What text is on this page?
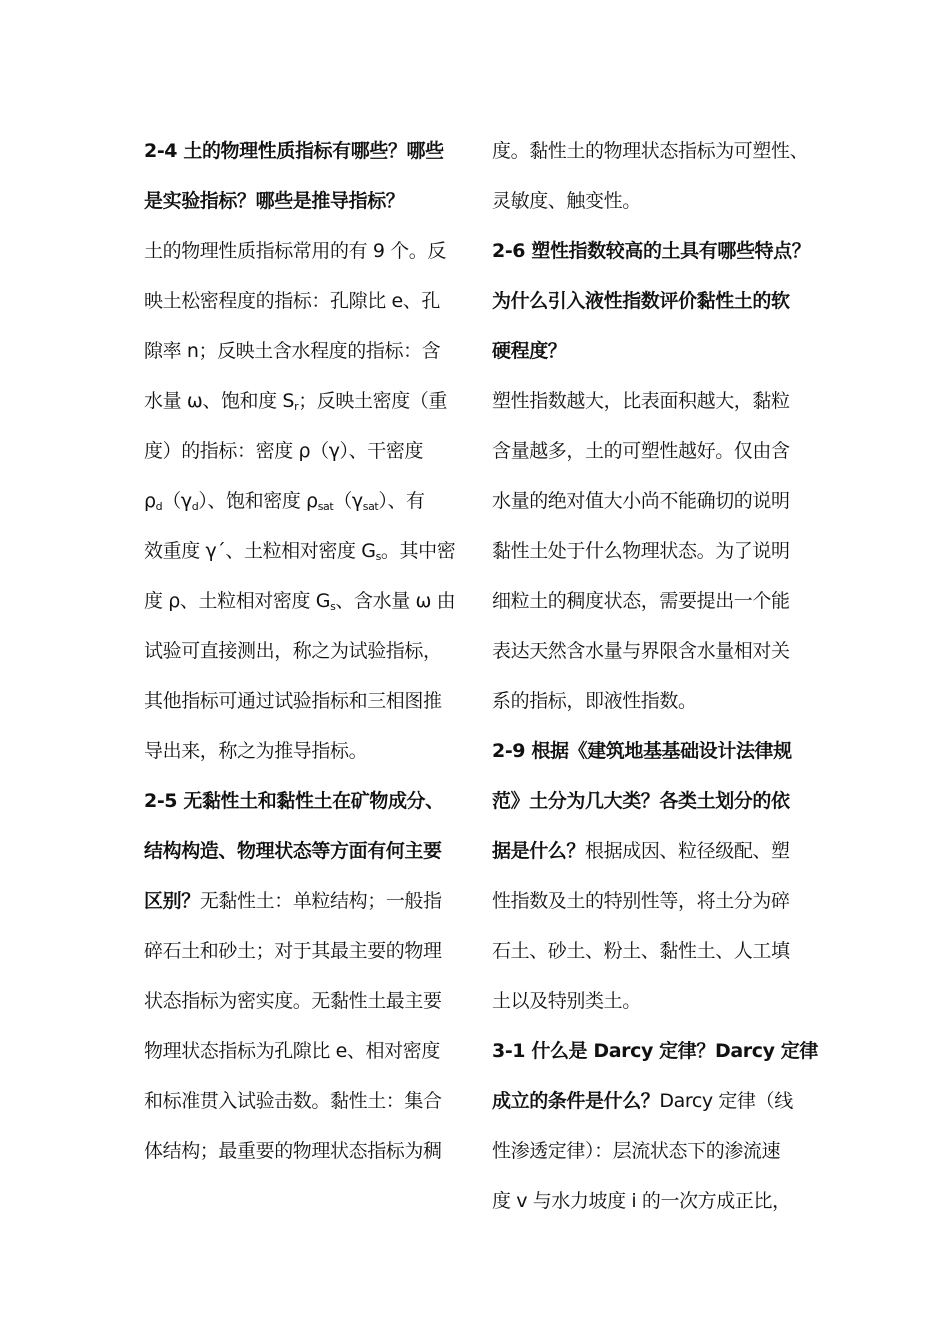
2-4 土的物理性质指标有哪些？哪些
是实验指标？哪些是推导指标？
土的物理性质指标常用的有 9 个。反
映土松密程度的指标：孔隙比 e、孔
隙率 n；反映土含水程度的指标：含
水量 ω、饱和度 $S_r$；反映土密度（重
度）的指标：密度 ρ（γ）、干密度
$\rho_d(\gamma_d)$、饱和密度 $\rho_{sat}(\gamma_{sat})$、有
效重度 γ´、土粒相对密度 $G_s$。其中密
度 ρ、土粒相对密度 $G_s$、含水量 ω 由
试验可直接测出，称之为试验指标，
其他指标可通过试验指标和三相图推
导出来，称之为推导指标。
2-5 无黏性土和黏性土在矿物成分、
结构构造、物理状态等方面有何主要
区别？无黏性土：单粒结构；一般指
碎石土和砂土；对于其最主要的物理
状态指标为密实度。无黏性土最主要
物理状态指标为孔隙比 e、相对密度
和标准贯入试验击数。黏性土：集合
体结构；最重要的物理状态指标为稠
度。黏性土的物理状态指标为可塑性、
灵敏度、触变性。
2-6 塑性指数较高的土具有哪些特点？
为什么引入液性指数评价黏性土的软
硬程度？
塑性指数越大，比表面积越大，黏粒
含量越多，土的可塑性越好。仅由含
水量的绝对值大小尚不能确切的说明
黏性土处于什么物理状态。为了说明
细粒土的稠度状态，需要提出一个能
表达天然含水量与界限含水量相对关
系的指标，即液性指数。
2-9 根据《建筑地基基础设计法律规
范》土分为几大类？各类土划分的依
据是什么？根据成因、粒径级配、塑
性指数及土的特别性等，将土分为碎
石土、砂土、粉土、黏性土、人工填
土以及特别类土。
3-1 什么是 Darcy 定律？Darcy 定律
成立的条件是什么？Darcy 定律（线
性渗透定律）：层流状态下的渗流速
度 v 与水力坡度 i 的一次方成正比，
